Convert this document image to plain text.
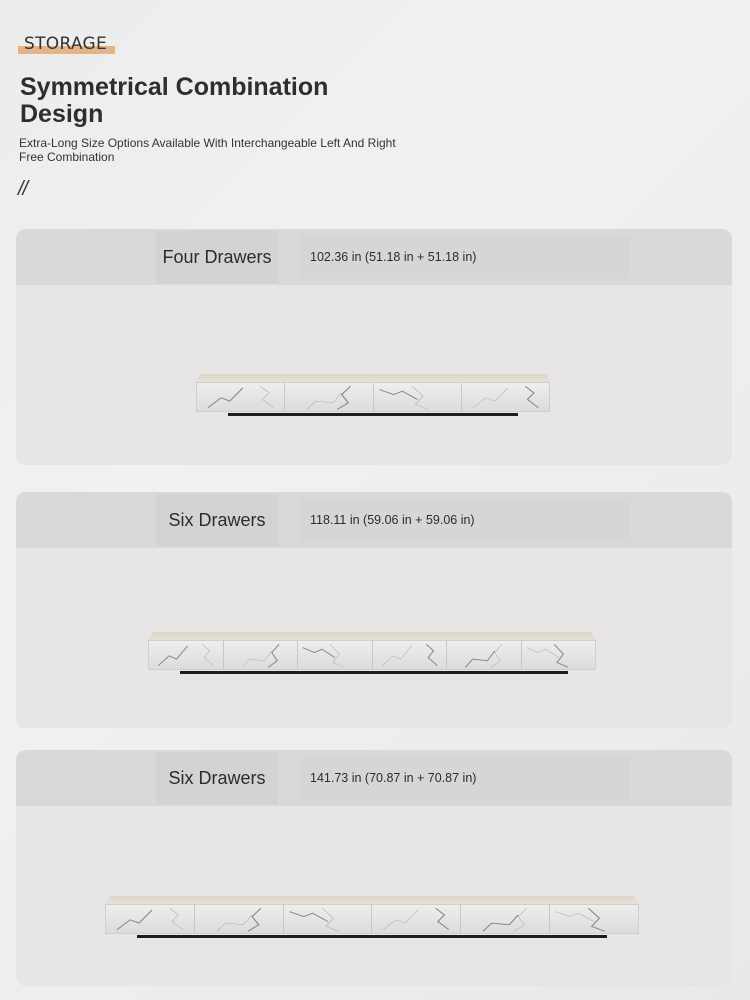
STORAGE
Symmetrical Combination Design
Extra-Long Size Options Available With Interchangeable Left And Right
Free Combination
//
Four Drawers	102.36 in (51.18 in + 51.18 in)
Six Drawers	118.11 in (59.06 in + 59.06 in)
Six Drawers	141.73 in (70.87 in + 70.87 in)
